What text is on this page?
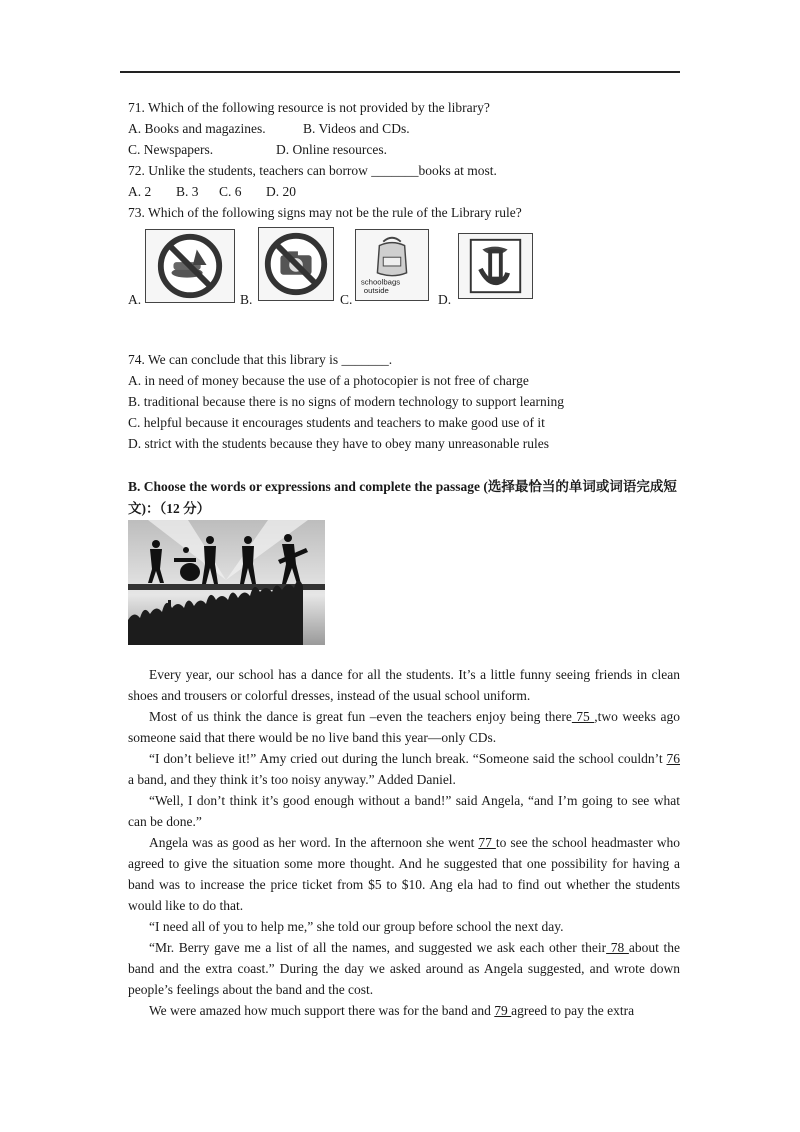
71. Which of the following resource is not provided by the library?
A. Books and magazines.	B. Videos and CDs.
C. Newspapers.	D. Online resources.
72. Unlike the students, teachers can borrow _______books at most.
A. 2 B. 3 C. 6 D. 20
73. Which of the following signs may not be the rule of the Library rule?
A.	B.
schoolbags
outside
C.	D.
74. We can conclude that this library is _______.
A. in need of money because the use of a photocopier is not free of charge
B. traditional because there is no signs of modern technology to support learning
C. helpful because it encourages students and teachers to make good use of it
D. strict with the students because they have to obey many unreasonable rules
B. Choose the words or expressions and complete the passage (选择最恰当的单词或词语完成短文)：（12 分）
Every year, our school has a dance for all the students. It’s a little funny seeing friends in clean shoes and trousers or colorful dresses, instead of the usual school uniform.
Most of us think the dance is great fun –even the teachers enjoy being there 75 ,two weeks ago someone said that there would be no live band this year—only CDs.
“I don’t believe it!” Amy cried out during the lunch break. “Someone said the school couldn’t 76 a band, and they think it’s too noisy anyway.” Added Daniel.
“Well, I don’t think it’s good enough without a band!” said Angela, “and I’m going to see what can be done.”
Angela was as good as her word. In the afternoon she went 77 to see the school headmaster who agreed to give the situation some more thought. And he suggested that one possibility for having a band was to increase the price ticket from $5 to $10. Ang ela had to find out whether the students would like to do that.
“I need all of you to help me,” she told our group before school the next day.
“Mr. Berry gave me a list of all the names, and suggested we ask each other their 78 about the band and the extra coast.” During the day we asked around as Angela suggested, and wrote down people’s feelings about the band and the cost.
We were amazed how much support there was for the band and 79 agreed to pay the extra
